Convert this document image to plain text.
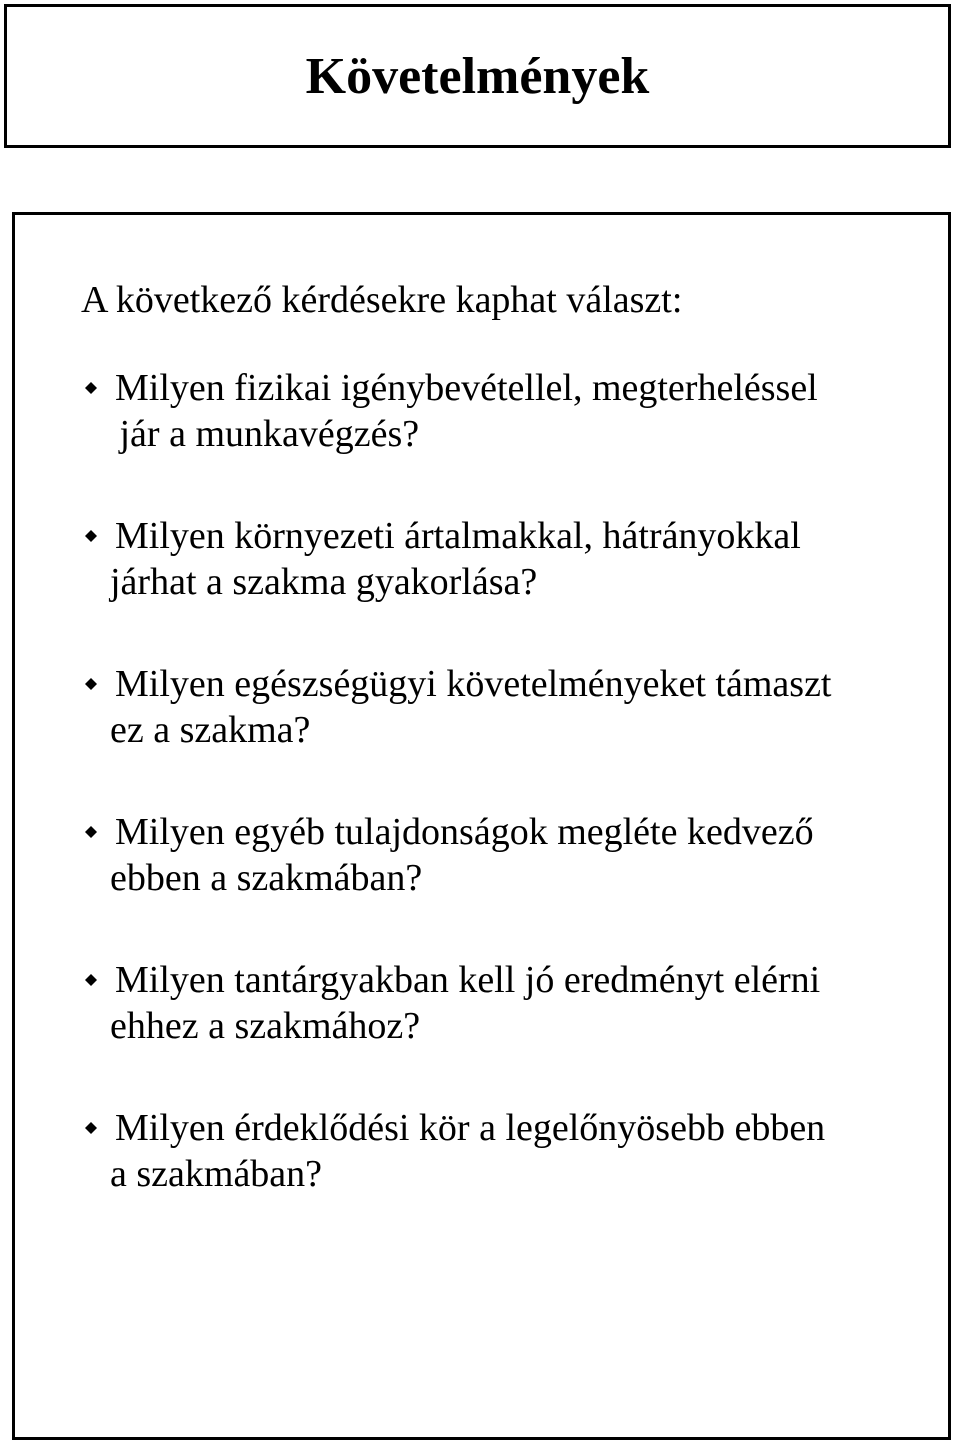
Követelmények
A következő kérdésekre kaphat választ:
Milyen fizikai igénybevétellel, megterheléssel
jár a munkavégzés?
Milyen környezeti ártalmakkal, hátrányokkal
járhat a szakma gyakorlása?
Milyen egészségügyi követelményeket támaszt
ez a szakma?
Milyen egyéb tulajdonságok megléte kedvező
ebben a szakmában?
Milyen tantárgyakban kell jó eredményt elérni
ehhez a szakmához?
Milyen érdeklődési kör a legelőnyösebb ebben
a szakmában?
